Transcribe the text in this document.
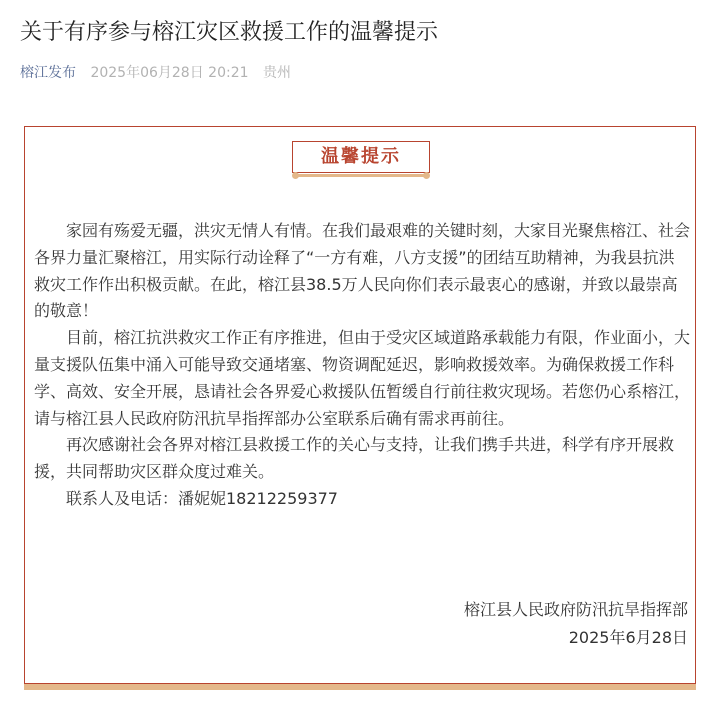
关于有序参与榕江灾区救援工作的温馨提示
榕江发布 2025年06月28日 20:21 贵州
温馨提示

家园有殇爱无疆，洪灾无情人有情。在我们最艰难的关键时刻，大家目光聚焦榕江、社会各界力量汇聚榕江，用实际行动诠释了“一方有难，八方支援”的团结互助精神，为我县抗洪救灾工作作出积极贡献。在此，榕江县38.5万人民向你们表示最衷心的感谢，并致以最崇高的敬意！

目前，榕江抗洪救灾工作正有序推进，但由于受灾区域道路承载能力有限，作业面小，大量支援队伍集中涌入可能导致交通堵塞、物资调配延迟，影响救援效率。为确保救援工作科学、高效、安全开展，恳请社会各界爱心救援队伍暂缓自行前往救灾现场。若您仍心系榕江，请与榕江县人民政府防汛抗旱指挥部办公室联系后确有需求再前往。

再次感谢社会各界对榕江县救援工作的关心与支持，让我们携手共进，科学有序开展救援，共同帮助灾区群众度过难关。

联系人及电话：潘妮妮18212259377

榕江县人民政府防汛抗旱指挥部
2025年6月28日
